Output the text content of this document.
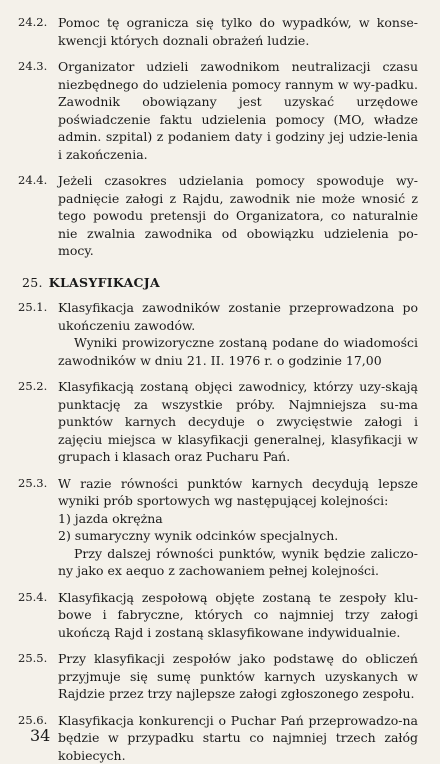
24.2. Pomoc tę ogranicza się tylko do wypadków, w konse-kwencji których doznali obrażeń ludzie.

24.3. Organizator udzieli zawodnikom neutralizacji czasu niezbędnego do udzielenia pomocy rannym w wy-padku. Zawodnik obowiązany jest uzyskać urzędowe poświadczenie faktu udzielenia pomocy (MO, władze admin. szpital) z podaniem daty i godziny jej udzie-lenia i zakończenia.

24.4. Jeżeli czasokres udzielania pomocy spowoduje wy-padnięcie załogi z Rajdu, zawodnik nie może wnosić z tego powodu pretensji do Organizatora, co naturalnie nie zwalnia zawodnika od obowiązku udzielenia po-mocy.

25. KLASYFIKACJA
25.1. Klasyfikacja zawodników zostanie przeprowadzona po ukończeniu zawodów.

Wyniki prowizoryczne zostaną podane do wiadomości zawodników w dniu 21. II. 1976 r. o godzinie 17,00

25.2. Klasyfikacją zostaną objęci zawodnicy, którzy uzy-skają punktację za wszystkie próby. Najmniejsza su-ma punktów karnych decyduje o zwycięstwie załogi i zajęciu miejsca w klasyfikacji generalnej, klasyfikacji w grupach i klasach oraz Pucharu Pań.

25.3. W razie równości punktów karnych decydują lepsze wyniki prób sportowych wg następującej kolejności:

1) jazda okrężna

2) sumaryczny wynik odcinków specjalnych.

Przy dalszej równości punktów, wynik będzie zaliczo-ny jako ex aequo z zachowaniem pełnej kolejności.

25.4. Klasyfikacją zespołową objęte zostaną te zespoły klu-bowe i fabryczne, których co najmniej trzy załogi ukończą Rajd i zostaną sklasyfikowane indywidualnie.

25.5. Przy klasyfikacji zespołów jako podstawę do obliczeń przyjmuje się sumę punktów karnych uzyskanych w Rajdzie przez trzy najlepsze załogi zgłoszonego zespołu.

25.6. Klasyfikacja konkurencji o Puchar Pań przeprowadzo-na będzie w przypadku startu co najmniej trzech załóg kobiecych.

34
